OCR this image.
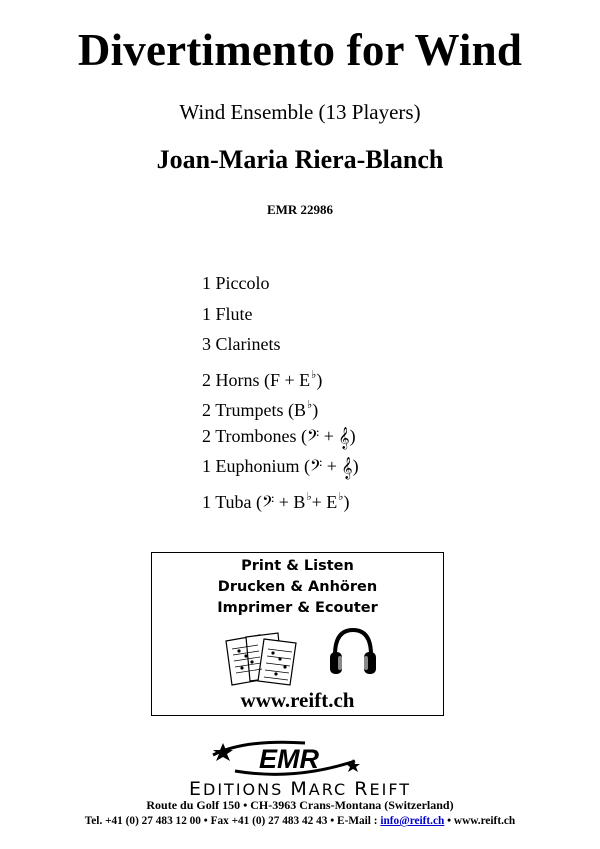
Divertimento for Wind
Wind Ensemble (13 Players)
Joan-Maria Riera-Blanch
EMR 22986
1 Piccolo
1 Flute
3 Clarinets
2 Horns (F + E♭)
2 Trumpets (B♭)
2 Trombones (𝄢 + 𝄞)
1 Euphonium (𝄢 + 𝄞)
1 Tuba (𝄢 + B♭+ E♭)
Print & Listen
Drucken & Anhören
Imprimer & Ecouter
www.reift.ch
EMR
EDITIONS MARC REIFT
Route du Golf 150 • CH-3963 Crans-Montana (Switzerland)
Tel. +41 (0) 27 483 12 00 • Fax +41 (0) 27 483 42 43 • E-Mail : info@reift.ch • www.reift.ch
